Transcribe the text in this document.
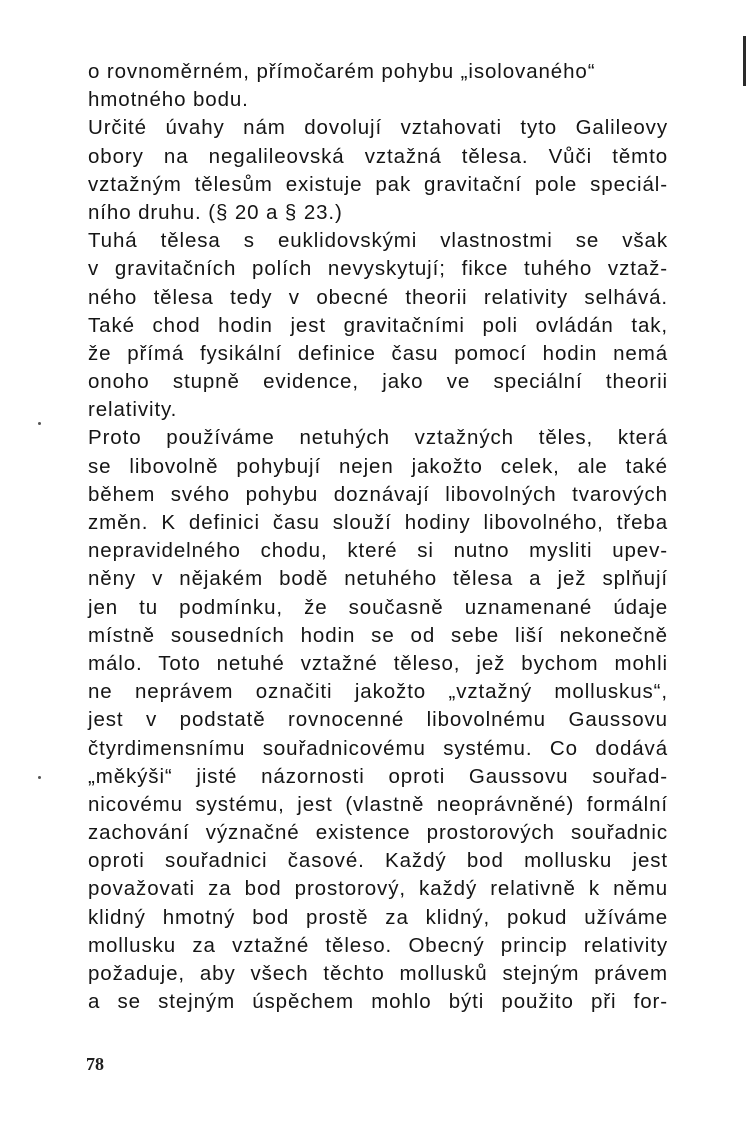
o rovnoměrném, přímočarém pohybu „isolovaného“
hmotného bodu.
Určité úvahy nám dovolují vztahovati tyto Galileovy
obory na negalileovská vztažná tělesa. Vůči těmto
vztažným tělesům existuje pak gravitační pole speciál-
ního druhu. (§ 20 a § 23.)
Tuhá tělesa s euklidovskými vlastnostmi se však
v gravitačních polích nevyskytují; fikce tuhého vztaž-
ného tělesa tedy v obecné theorii relativity selhává.
Také chod hodin jest gravitačními poli ovládán tak,
že přímá fysikální definice času pomocí hodin nemá
onoho stupně evidence, jako ve speciální theorii
relativity.
Proto používáme netuhých vztažných těles, která
se libovolně pohybují nejen jakožto celek, ale také
během svého pohybu doznávají libovolných tvarových
změn. K definici času slouží hodiny libovolného, třeba
nepravidelného chodu, které si nutno mysliti upev-
něny v nějakém bodě netuhého tělesa a jež splňují
jen tu podmínku, že současně uznamenané údaje
místně sousedních hodin se od sebe liší nekonečně
málo. Toto netuhé vztažné těleso, jež bychom mohli
ne neprávem označiti jakožto „vztažný molluskus“,
jest v podstatě rovnocenné libovolnému Gaussovu
čtyrdimensnímu souřadnicovému systému. Co dodává
„měkýši“ jisté názornosti oproti Gaussovu souřad-
nicovému systému, jest (vlastně neoprávněné) formální
zachování význačné existence prostorových souřadnic
oproti souřadnici časové. Každý bod mollusku jest
považovati za bod prostorový, každý relativně k němu
klidný hmotný bod prostě za klidný, pokud užíváme
mollusku za vztažné těleso. Obecný princip relativity
požaduje, aby všech těchto mollusků stejným právem
a se stejným úspěchem mohlo býti použito při for-
78
